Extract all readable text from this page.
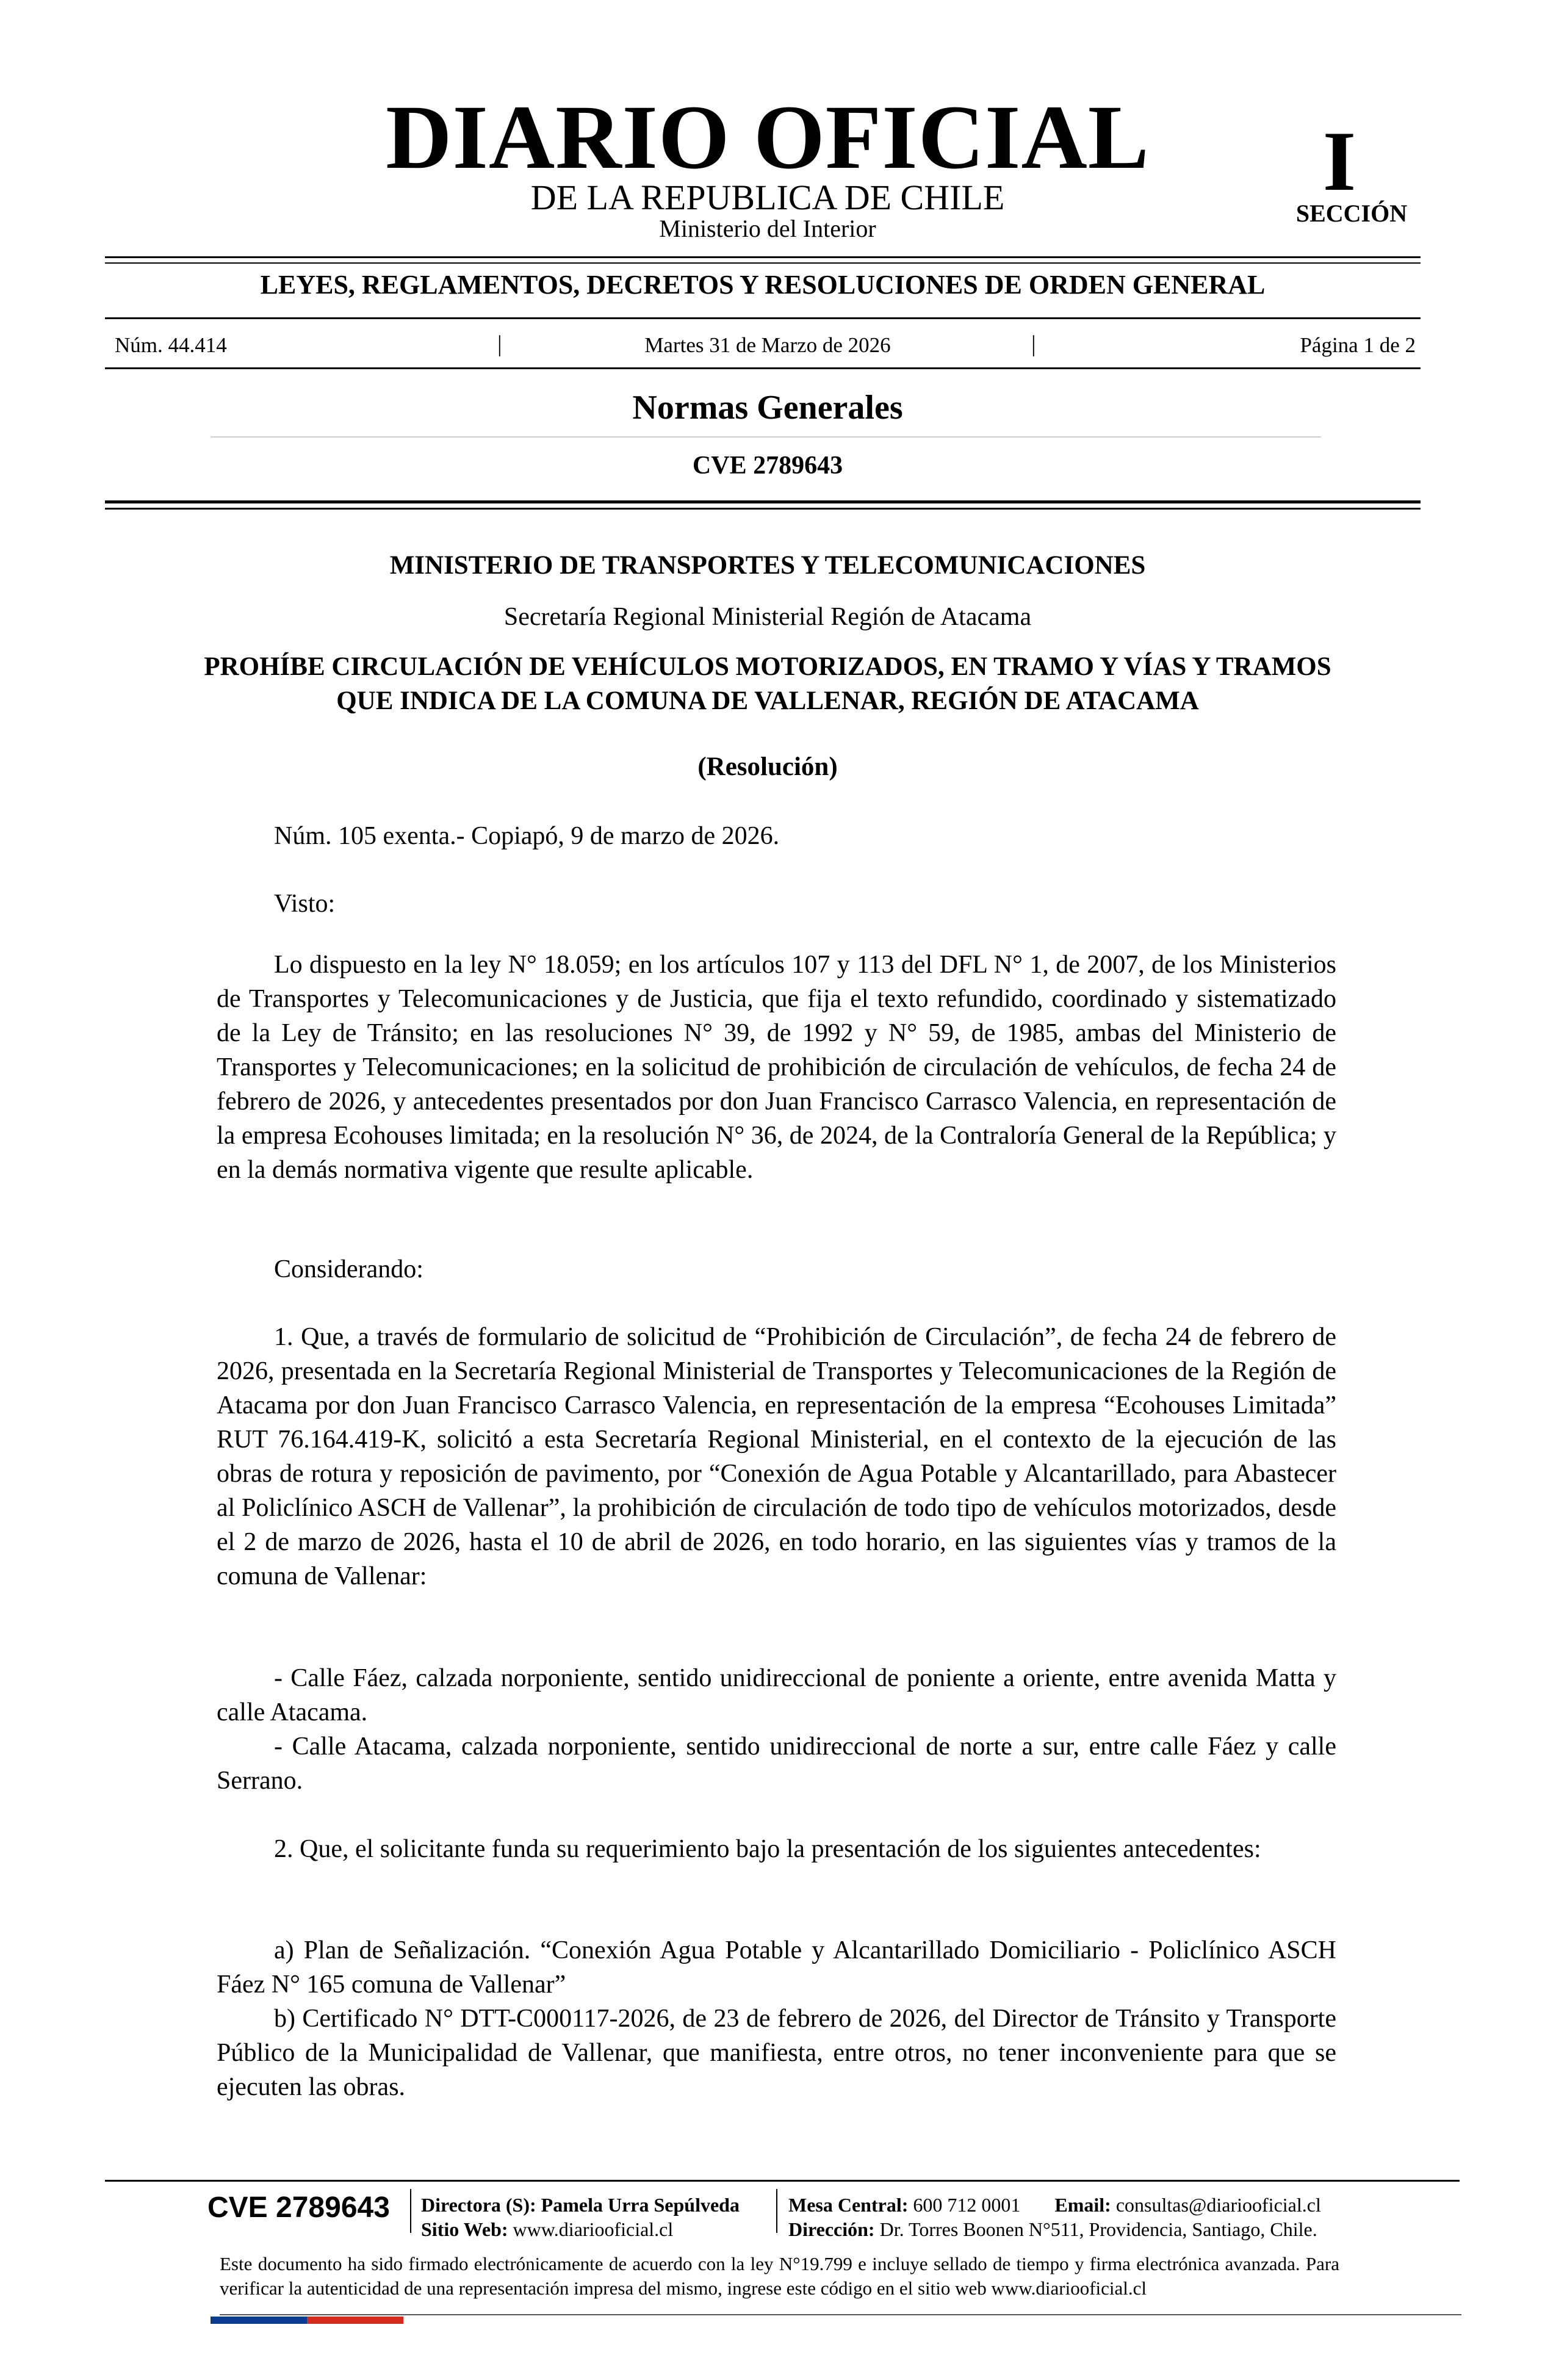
DIARIO OFICIAL
DE LA REPUBLICA DE CHILE
Ministerio del Interior
I
SECCIÓN
LEYES, REGLAMENTOS, DECRETOS Y RESOLUCIONES DE ORDEN GENERAL
Núm. 44.414	|	Martes 31 de Marzo de 2026	|	Página 1 de 2
Normas Generales
CVE 2789643
MINISTERIO DE TRANSPORTES Y TELECOMUNICACIONES
Secretaría Regional Ministerial Región de Atacama
PROHÍBE CIRCULACIÓN DE VEHÍCULOS MOTORIZADOS, EN TRAMO Y VÍAS Y TRAMOS QUE INDICA DE LA COMUNA DE VALLENAR, REGIÓN DE ATACAMA
(Resolución)

Núm. 105 exenta.- Copiapó, 9 de marzo de 2026.

Visto:

Lo dispuesto en la ley N° 18.059; en los artículos 107 y 113 del DFL N° 1, de 2007, de los Ministerios de Transportes y Telecomunicaciones y de Justicia, que fija el texto refundido, coordinado y sistematizado de la Ley de Tránsito; en las resoluciones N° 39, de 1992 y N° 59, de 1985, ambas del Ministerio de Transportes y Telecomunicaciones; en la solicitud de prohibición de circulación de vehículos, de fecha 24 de febrero de 2026, y antecedentes presentados por don Juan Francisco Carrasco Valencia, en representación de la empresa Ecohouses limitada; en la resolución N° 36, de 2024, de la Contraloría General de la República; y en la demás normativa vigente que resulte aplicable.

Considerando:

1. Que, a través de formulario de solicitud de “Prohibición de Circulación”, de fecha 24 de febrero de 2026, presentada en la Secretaría Regional Ministerial de Transportes y Telecomunicaciones de la Región de Atacama por don Juan Francisco Carrasco Valencia, en representación de la empresa “Ecohouses Limitada” RUT 76.164.419-K, solicitó a esta Secretaría Regional Ministerial, en el contexto de la ejecución de las obras de rotura y reposición de pavimento, por “Conexión de Agua Potable y Alcantarillado, para Abastecer al Policlínico ASCH de Vallenar”, la prohibición de circulación de todo tipo de vehículos motorizados, desde el 2 de marzo de 2026, hasta el 10 de abril de 2026, en todo horario, en las siguientes vías y tramos de la comuna de Vallenar:

- Calle Fáez, calzada norponiente, sentido unidireccional de poniente a oriente, entre avenida Matta y calle Atacama.

- Calle Atacama, calzada norponiente, sentido unidireccional de norte a sur, entre calle Fáez y calle Serrano.

2. Que, el solicitante funda su requerimiento bajo la presentación de los siguientes antecedentes:

a) Plan de Señalización. “Conexión Agua Potable y Alcantarillado Domiciliario - Policlínico ASCH Fáez N° 165 comuna de Vallenar”

b) Certificado N° DTT-C000117-2026, de 23 de febrero de 2026, del Director de Tránsito y Transporte Público de la Municipalidad de Vallenar, que manifiesta, entre otros, no tener inconveniente para que se ejecuten las obras.

CVE 2789643 Directora (S): Pamela Urra Sepúlveda
Sitio Web: www.diariooficial.cl
Mesa Central: 600 712 0001 Email: consultas@diariooficial.cl
Dirección: Dr. Torres Boonen N°511, Providencia, Santiago, Chile.
Este documento ha sido firmado electrónicamente de acuerdo con la ley N°19.799 e incluye sellado de tiempo y firma electrónica avanzada. Para verificar la autenticidad de una representación impresa del mismo, ingrese este código en el sitio web www.diariooficial.cl
